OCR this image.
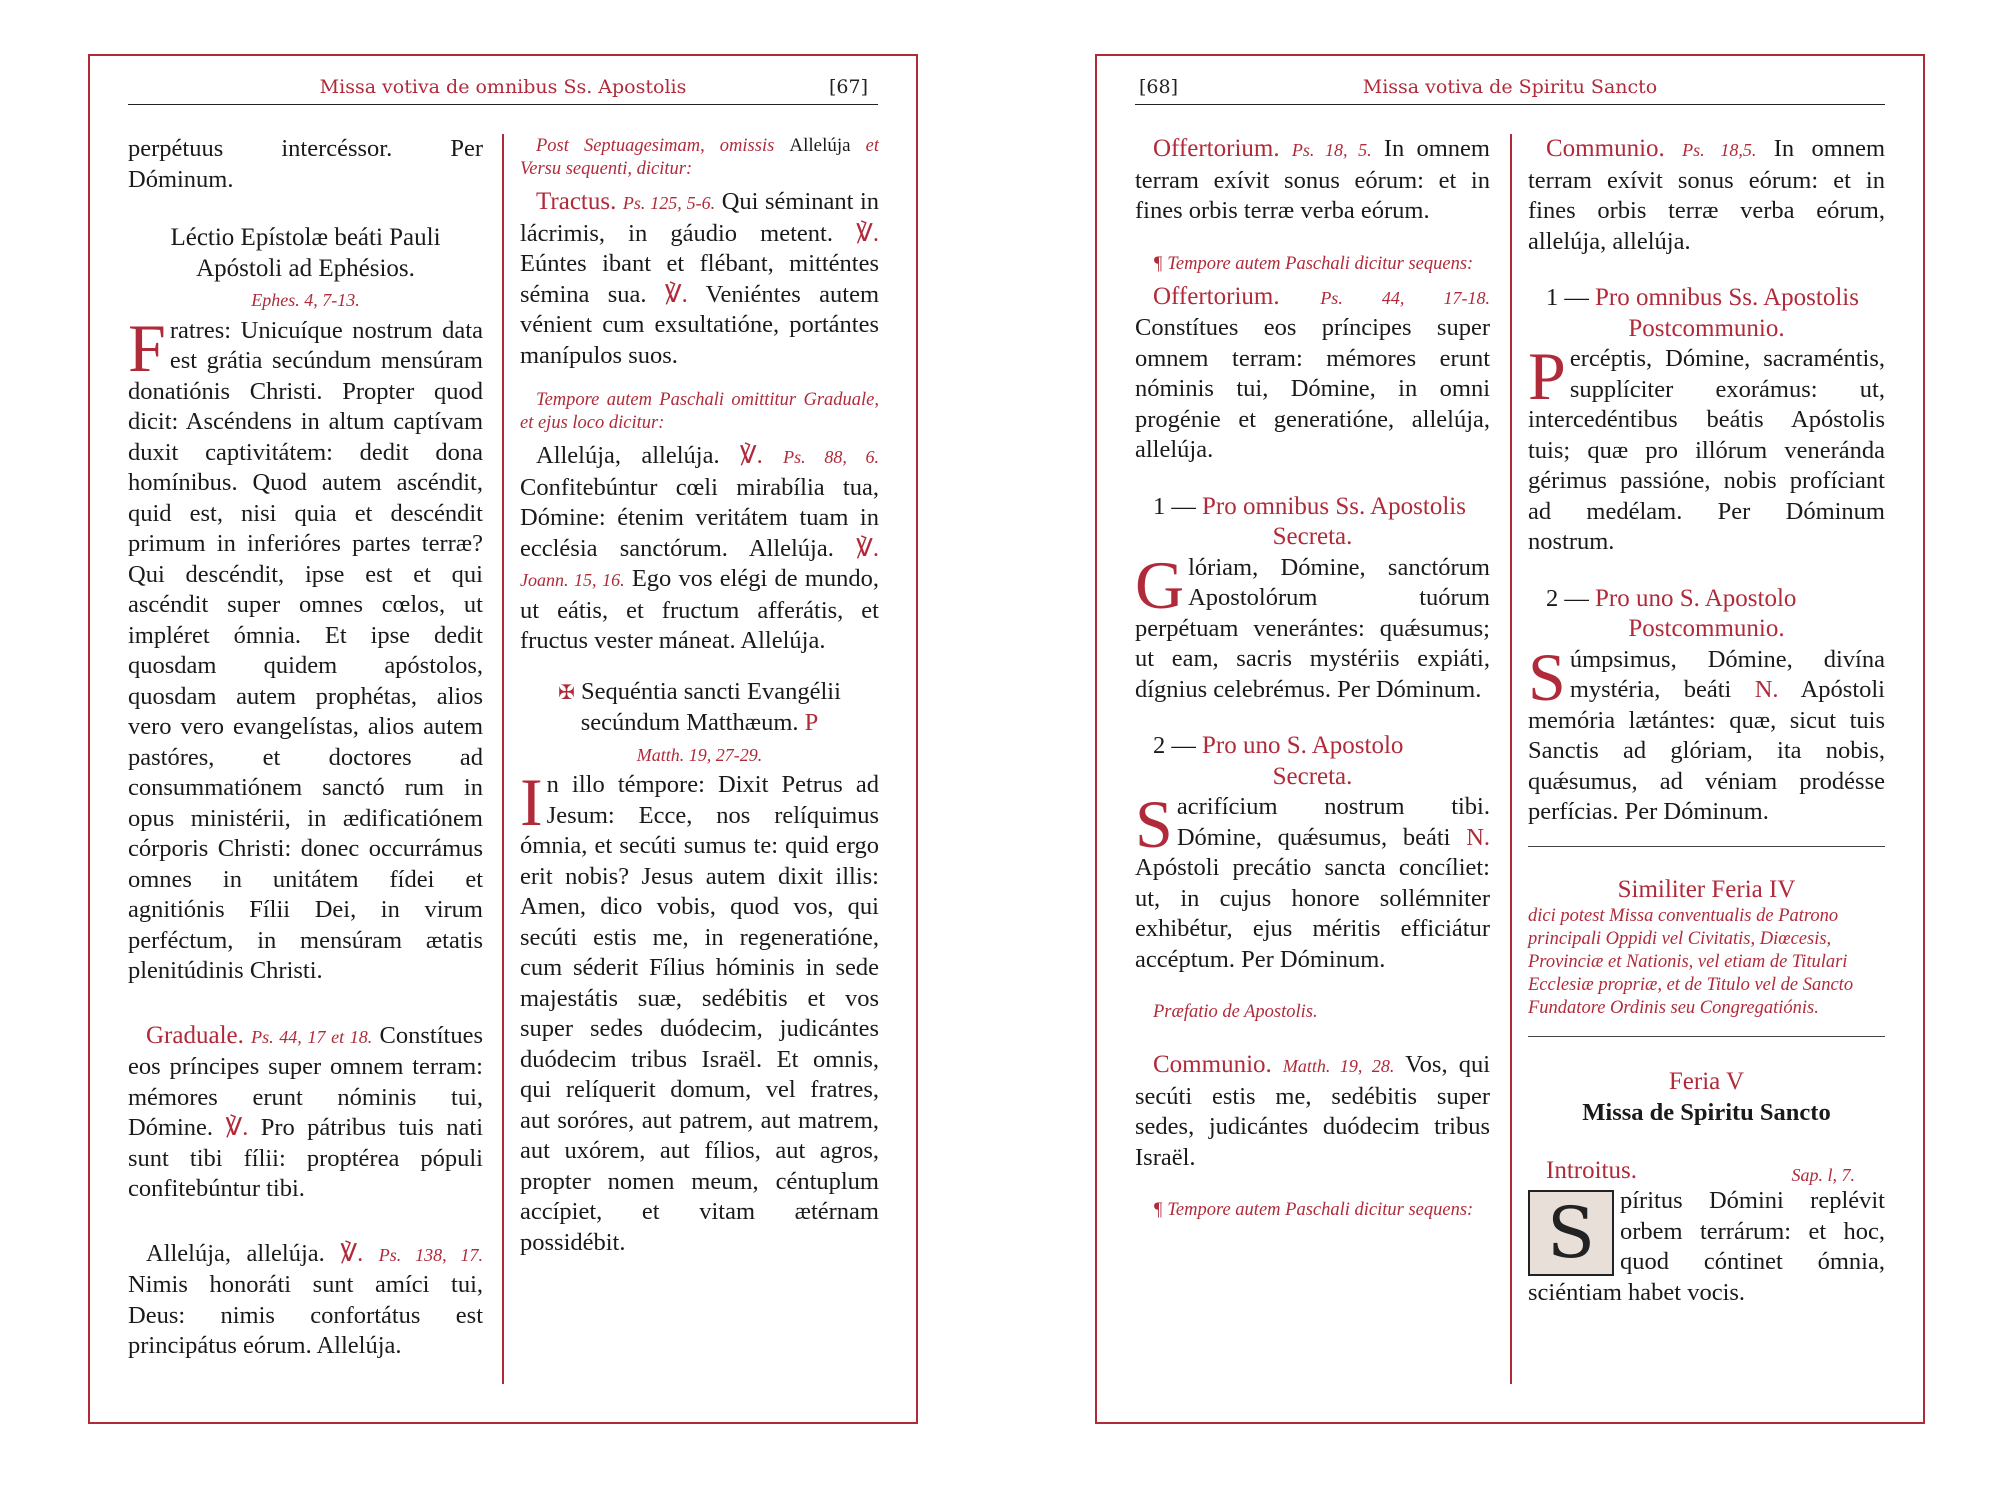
Missa votiva de omnibus Ss. Apostolis	[67]

perpétuus intercéssor. Per Dóminum.

Léctio Epístolæ beáti Pauli Apóstoli ad Ephésios.
Ephes. 4, 7-13.

Fratres: Unicuíque nostrum data est grátia secúndum mensúram donatiónis Christi. Propter quod dicit: Ascéndens in altum captívam duxit captivitátem: dedit dona homínibus. Quod autem ascéndit, quid est, nisi quia et descéndit primum in inferióres partes terræ? Qui descéndit, ipse est et qui ascéndit super omnes cœlos, ut impléret ómnia. Et ipse dedit quosdam quidem apóstolos, quosdam autem prophétas, alios vero vero evangelístas, alios autem pastóres, et doctores ad consummatiónem sanctó rum in opus ministérii, in ædificatiónem córporis Christi: donec occurrámus omnes in unitátem fídei et agnitiónis Fílii Dei, in virum perféctum, in mensúram ætatis plenitúdinis Christi.

Graduale. Ps. 44, 17 et 18. Constítues eos príncipes super omnem terram: mémores erunt nóminis tui, Dómine. ℣. Pro pátribus tuis nati sunt tibi fílii: proptérea pópuli confitebúntur tibi.

Allelúja, allelúja. ℣. Ps. 138, 17. Nimis honoráti sunt amíci tui, Deus: nimis confortátus est principátus eórum. Allelúja.

Post Septuagesimam, omissis Allelúja et Versu sequenti, dicitur:

Tractus. Ps. 125, 5-6. Qui séminant in lácrimis, in gáudio metent. ℣. Eúntes ibant et flébant, mitténtes sémina sua. ℣. Veniéntes autem vénient cum exsultatióne, portántes manípulos suos.

Tempore autem Paschali omittitur Graduale, et ejus loco dicitur:

Allelúja, allelúja. ℣. Ps. 88, 6. Confitebúntur cœli mirabília tua, Dómine: étenim veritátem tuam in ecclésia sanctórum. Allelúja. ℣. Joann. 15, 16. Ego vos elégi de mundo, ut eátis, et fructum afferátis, et fructus vester máneat. Allelúja.

✠ Sequéntia sancti Evangélii secúndum Matthæum. P
Matth. 19, 27-29.

In illo témpore: Dixit Petrus ad Jesum: Ecce, nos relíquimus ómnia, et secúti sumus te: quid ergo erit nobis? Jesus autem dixit illis: Amen, dico vobis, quod vos, qui secúti estis me, in regeneratióne, cum séderit Fílius hóminis in sede majestátis suæ, sedébitis et vos super sedes duódecim, judicántes duódecim tribus Israël. Et omnis, qui relíquerit domum, vel fratres, aut soróres, aut patrem, aut matrem, aut uxórem, aut fílios, aut agros, propter nomen meum, céntuplum accípiet, et vitam ætérnam possidébit.

Missa votiva de Spiritu Sancto
[68]

Offertorium. Ps. 18, 5. In omnem terram exívit sonus eórum: et in fines orbis terræ verba eórum.

¶ Tempore autem Paschali dicitur sequens:

Offertorium. Ps. 44, 17-18. Constítues eos príncipes super omnem terram: mémores erunt nóminis tui, Dómine, in omni progénie et generatióne, allelúja, allelúja.

1 — Pro omnibus Ss. Apostolis
Secreta.

Glóriam, Dómine, sanctórum Apostolórum tuórum perpétuam venerántes: quǽsumus; ut eam, sacris mystériis expiáti, dígnius celebrémus. Per Dóminum.

2 — Pro uno S. Apostolo
Secreta.

Sacrifícium nostrum tibi. Dómine, quǽsumus, beáti N. Apóstoli precátio sancta concíliet: ut, in cujus honore sollémniter exhibétur, ejus méritis efficiátur accéptum. Per Dóminum.

Præfatio de Apostolis.

Communio. Matth. 19, 28. Vos, qui secúti estis me, sedébitis super sedes, judicántes duódecim tribus Israël.

¶ Tempore autem Paschali dicitur sequens:

Communio. Ps. 18,5. In omnem terram exívit sonus eórum: et in fines orbis terræ verba eórum, allelúja, allelúja.

1 — Pro omnibus Ss. Apostolis
Postcommunio.

Percéptis, Dómine, sacraméntis, supplíciter exorámus: ut, intercedéntibus beátis Apóstolis tuis; quæ pro illórum veneránda gérimus passióne, nobis profíciant ad medélam. Per Dóminum nostrum.

2 — Pro uno S. Apostolo
Postcommunio.

Súmpsimus, Dómine, divína mystéria, beáti N. Apóstoli memória lætántes: quæ, sicut tuis Sanctis ad glóriam, ita nobis, quǽsumus, ad véniam prodésse perfícias. Per Dóminum.

Similiter Feria IV
dici potest Missa conventualis de Patrono principali Oppidi vel Civitatis, Diœcesis, Provinciæ et Nationis, vel etiam de Titulari Ecclesiæ propriæ, et de Titulo vel de Sancto Fundatore Ordinis seu Congregatiónis.
Feria V
Missa de Spiritu Sancto
Introitus.	Sap. l, 7.

S	píritus Dómini replévit orbem terrárum: et hoc, quod cóntinet ómnia, sciéntiam habet vocis.
